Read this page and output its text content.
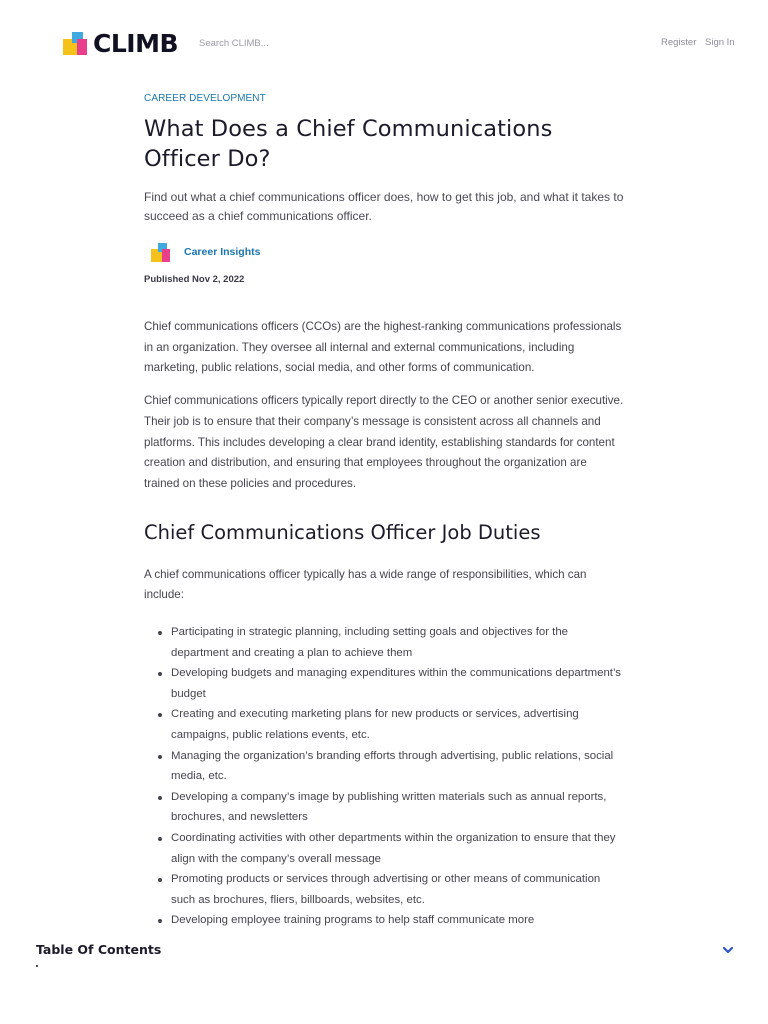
CLIMB
Search CLIMB...	Register Sign In
CAREER DEVELOPMENT
What Does a Chief Communications Officer Do?

Find out what a chief communications officer does, how to get this job, and what it takes to succeed as a chief communications officer.

Career Insights
Published Nov 2, 2022

Chief communications officers (CCOs) are the highest-ranking communications professionals in an organization. They oversee all internal and external communications, including marketing, public relations, social media, and other forms of communication.

Chief communications officers typically report directly to the CEO or another senior executive. Their job is to ensure that their company’s message is consistent across all channels and platforms. This includes developing a clear brand identity, establishing standards for content creation and distribution, and ensuring that employees throughout the organization are trained on these policies and procedures.

Chief Communications Officer Job Duties

A chief communications officer typically has a wide range of responsibilities, which can include:

Participating in strategic planning, including setting goals and objectives for the department and creating a plan to achieve them
Developing budgets and managing expenditures within the communications department’s budget
Creating and executing marketing plans for new products or services, advertising campaigns, public relations events, etc.
Managing the organization’s branding efforts through advertising, public relations, social media, etc.
Developing a company’s image by publishing written materials such as annual reports, brochures, and newsletters
Coordinating activities with other departments within the organization to ensure that they align with the company’s overall message
Promoting products or services through advertising or other means of communication such as brochures, fliers, billboards, websites, etc.
Developing employee training programs to help staff communicate more
Table Of Contents
